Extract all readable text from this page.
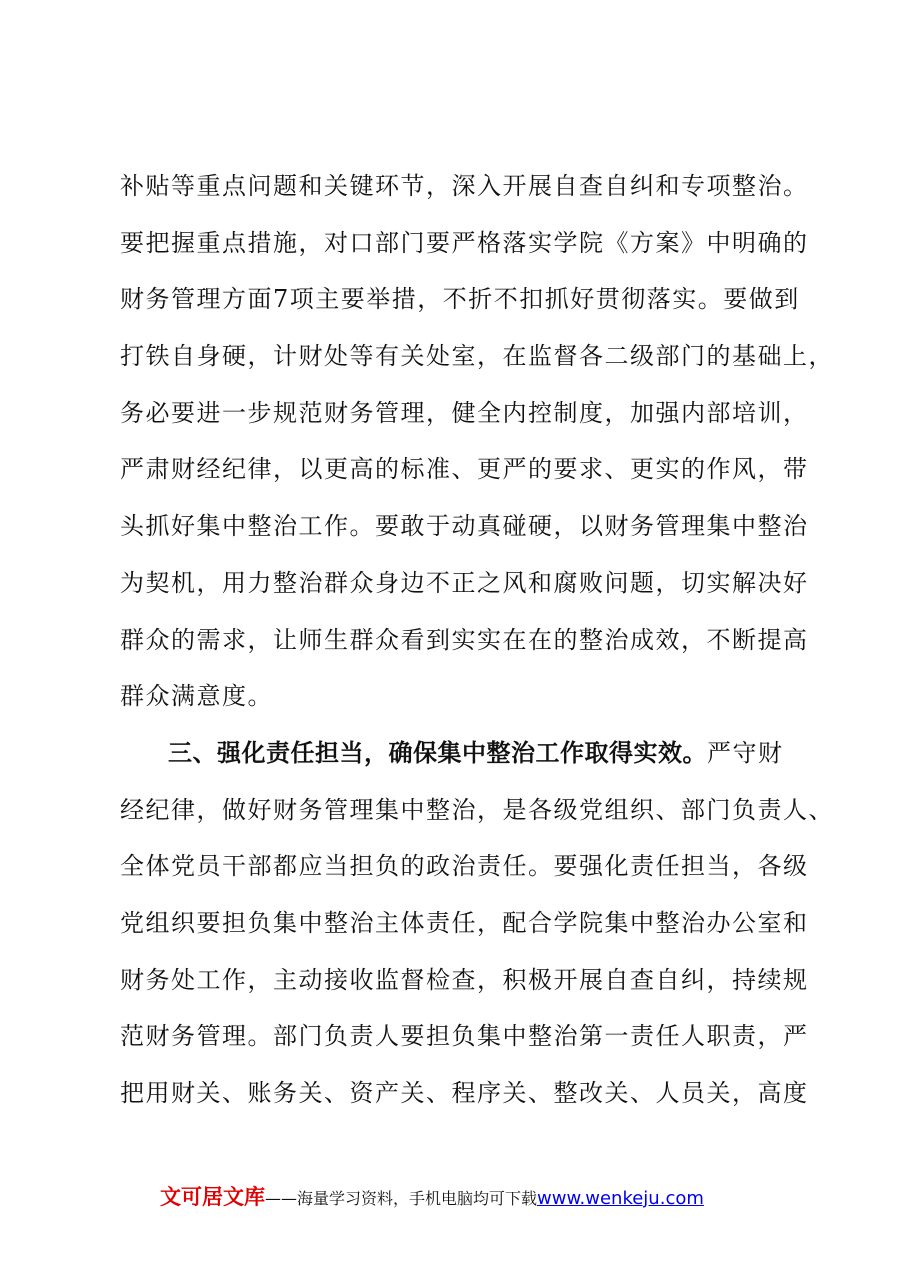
补贴等重点问题和关键环节，深入开展自查自纠和专项整治。
要把握重点措施，对口部门要严格落实学院《方案》中明确的
财务管理方面7项主要举措，不折不扣抓好贯彻落实。要做到
打铁自身硬，计财处等有关处室，在监督各二级部门的基础上，
务必要进一步规范财务管理，健全内控制度，加强内部培训，
严肃财经纪律，以更高的标准、更严的要求、更实的作风，带
头抓好集中整治工作。要敢于动真碰硬，以财务管理集中整治
为契机，用力整治群众身边不正之风和腐败问题，切实解决好
群众的需求，让师生群众看到实实在在的整治成效，不断提高
群众满意度。
三、强化责任担当，确保集中整治工作取得实效。严守财
经纪律，做好财务管理集中整治，是各级党组织、部门负责人、
全体党员干部都应当担负的政治责任。要强化责任担当，各级
党组织要担负集中整治主体责任，配合学院集中整治办公室和
财务处工作，主动接收监督检查，积极开展自查自纠，持续规
范财务管理。部门负责人要担负集中整治第一责任人职责，严
把用财关、账务关、资产关、程序关、整改关、人员关，高度
文可居文库——海量学习资料，手机电脑均可下载www.wenkeju.com
